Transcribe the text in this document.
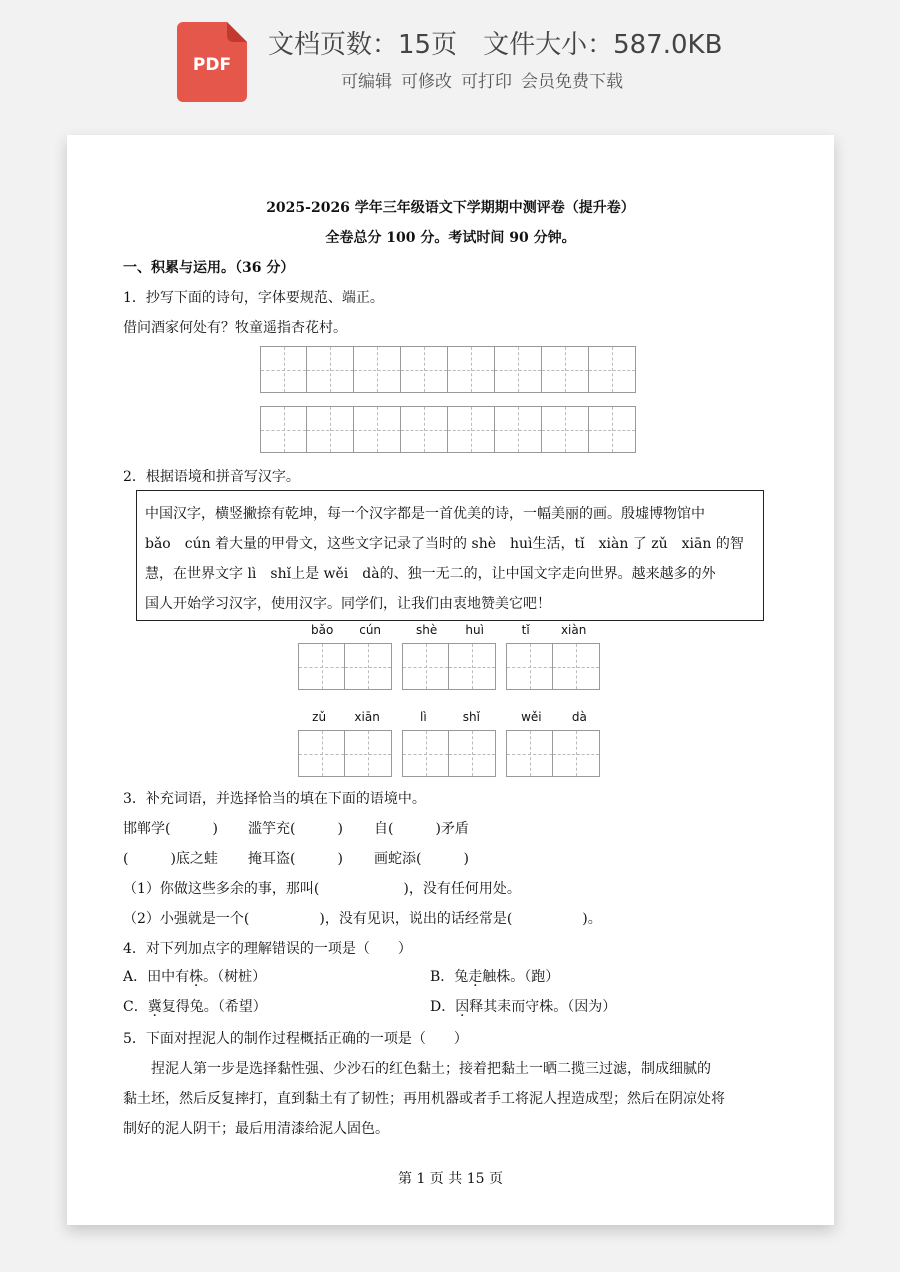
PDF
文档页数：15页 文件大小：587.0KB
可编辑 可修改 可打印 会员免费下载
2025-2026 学年三年级语文下学期期中测评卷（提升卷）
全卷总分 100 分。考试时间 90 分钟。
一、积累与运用。（36 分）
1．抄写下面的诗句，字体要规范、端正。
借问酒家何处有？牧童遥指杏花村。
2．根据语境和拼音写汉字。
中国汉字，横竖撇捺有乾坤，每一个汉字都是一首优美的诗，一幅美丽的画。殷墟博物馆中
bǎo　cún 着大量的甲骨文，这些文字记录了当时的 shè　huì生活，tǐ　xiàn 了 zǔ　xiān 的智
慧，在世界文字 lì　shǐ上是 wěi　dà的、独一无二的，让中国文字走向世界。越来越多的外
国人开始学习汉字，使用汉字。同学们，让我们由衷地赞美它吧！
bǎo cún	shè huì	tǐ	xiàn
zǔ xiān	lì	shǐ	wěi	dà
3．补充词语，并选择恰当的填在下面的语境中。
邯郸学(　　　) 滥竽充(　　　) 自(　　　)矛盾
(　　　)底之蛙 掩耳盗(　　　) 画蛇添(　　　)
（1）你做这些多余的事，那叫(　　　　　　)，没有任何用处。
（2）小强就是一个(　　　　　)，没有见识，说出的话经常是(　　　　　)。
4．对下列加点字的理解错误的一项是（　　）
A．田中有株。（树桩）	B．兔走触株。（跑）
C．冀复得兔。（希望）	D．因释其耒而守株。（因为）
5．下面对捏泥人的制作过程概括正确的一项是（　　）
　　捏泥人第一步是选择黏性强、少沙石的红色黏土；接着把黏土一晒二揽三过滤，制成细腻的
黏土坯，然后反复摔打，直到黏土有了韧性；再用机器或者手工将泥人捏造成型；然后在阴凉处将
制好的泥人阴干；最后用清漆给泥人固色。
第 1 页 共 15 页
